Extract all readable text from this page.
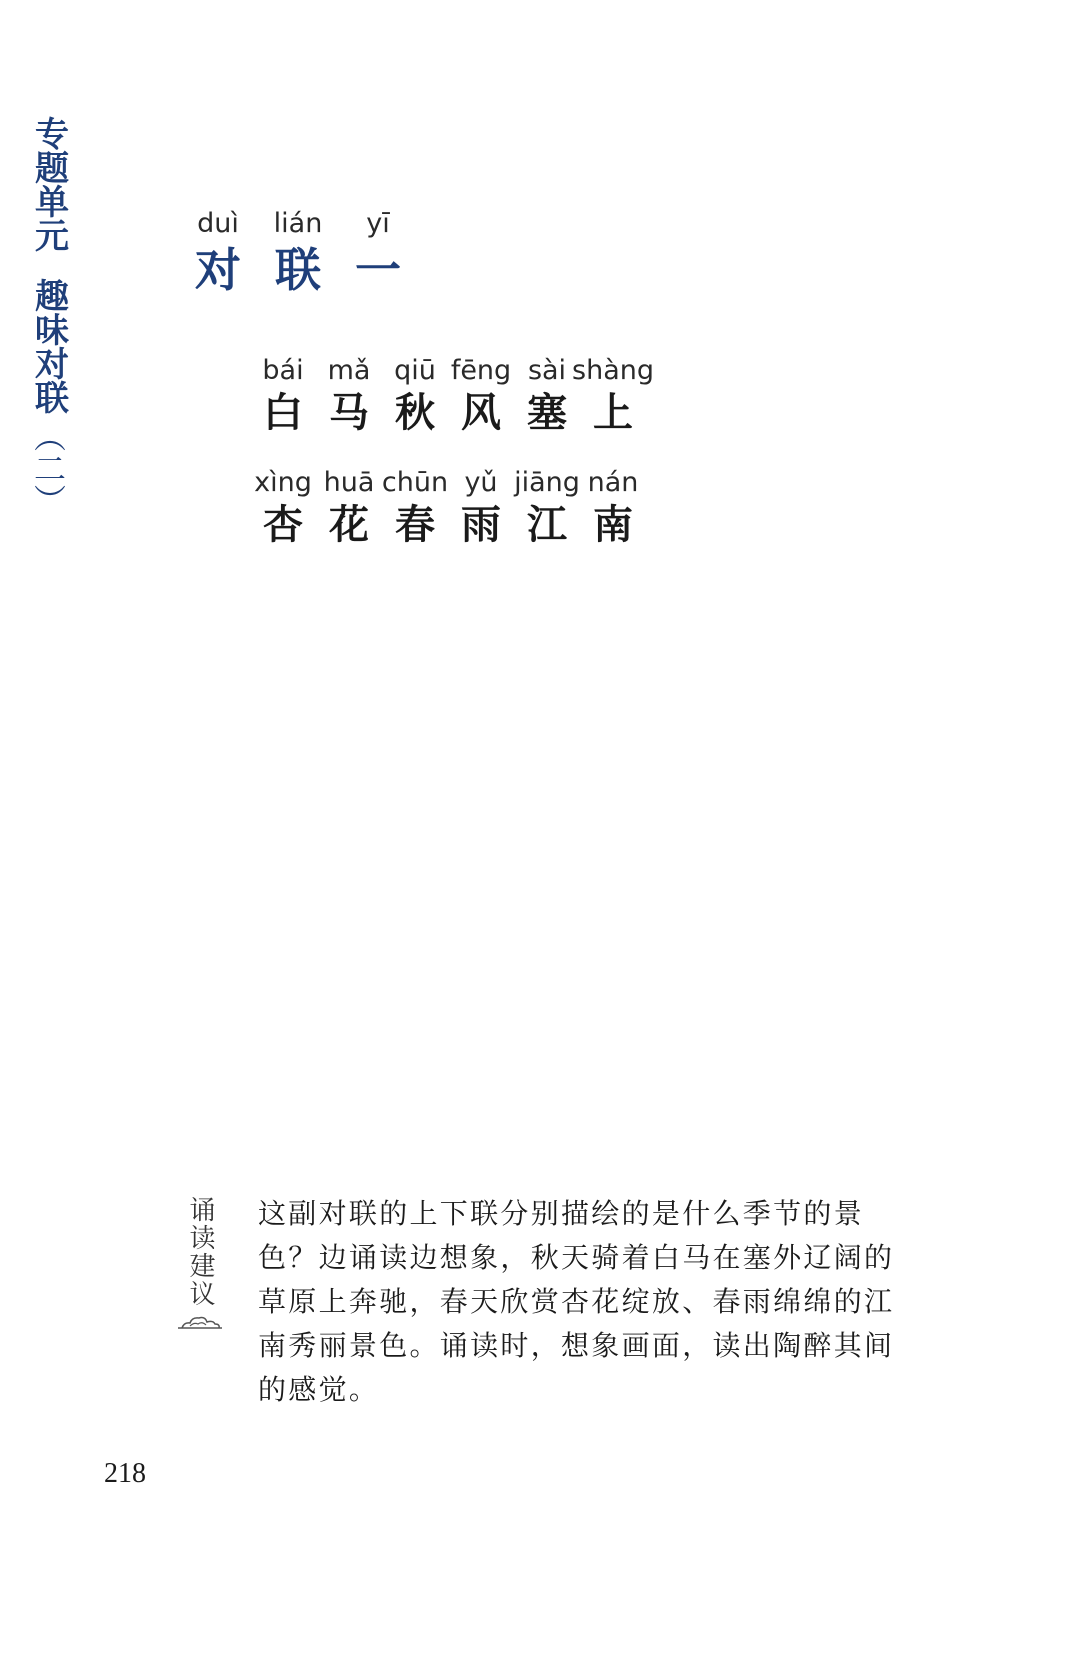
专题单元
趣味对联
（二）
duì
对
lián
联
yī
一
bái
白
mǎ
马
qiū
秋
fēng
风
sài
塞
shàng
上
xìng
杏
huā
花
chūn
春
yǔ
雨
jiāng
江
nán
南
诵读建议 这副对联的上下联分别描绘的是什么季节的景色？边诵读边想象，秋天骑着白马在塞外辽阔的草原上奔驰，春天欣赏杏花绽放、春雨绵绵的江南秀丽景色。诵读时，想象画面，读出陶醉其间的感觉。

218
